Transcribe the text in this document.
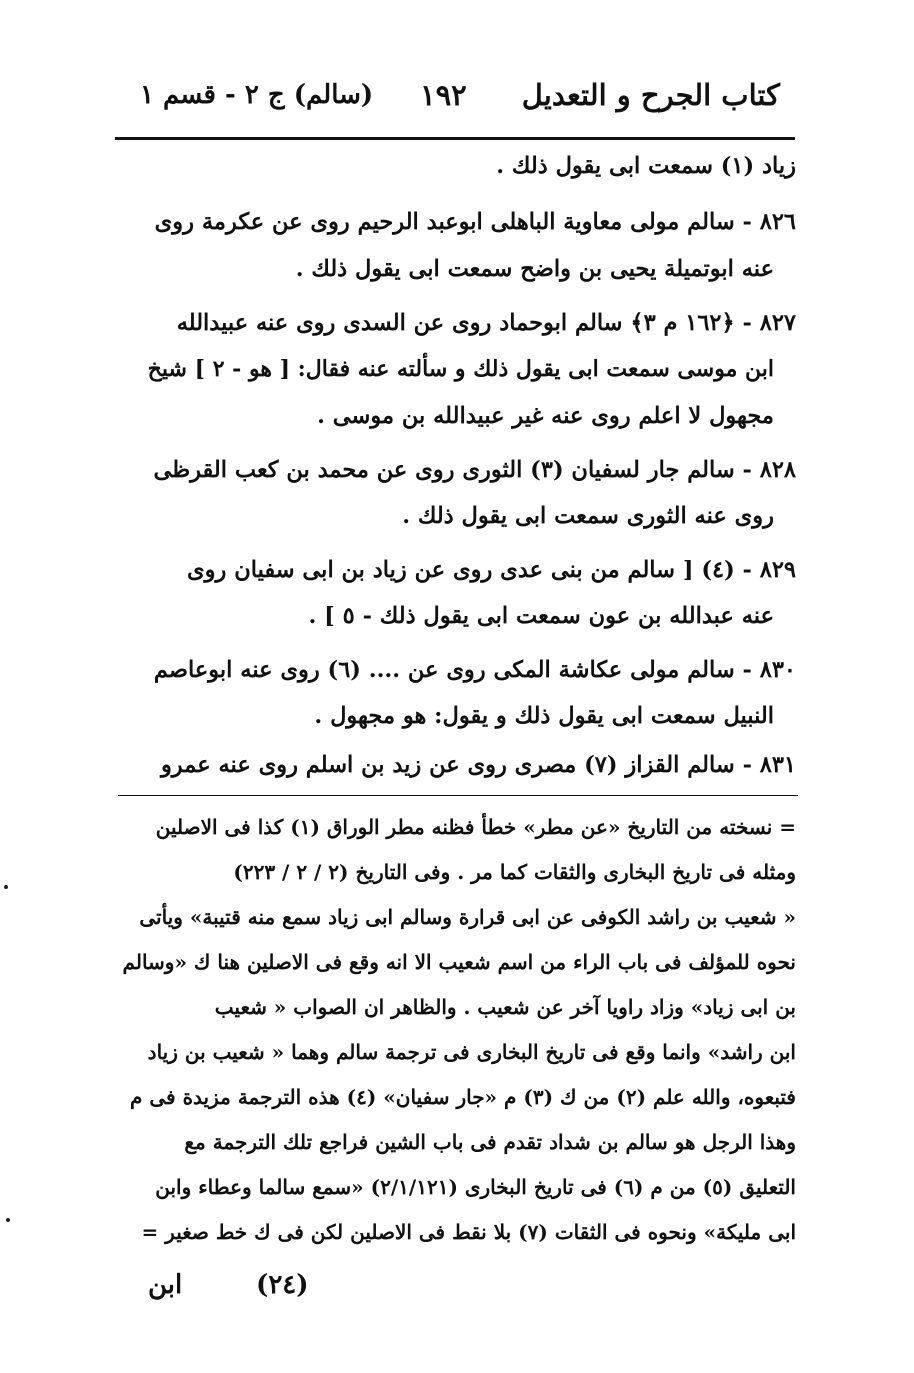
كتاب الجرح و التعديل
١٩٢
(سالم) ج ٢ - قسم ١
زياد (١) سمعت ابى يقول ذلك .
٨٢٦ - سالم مولى معاوية الباهلى ابوعبد الرحيم روى عن عكرمة روى
عنه ابوتميلة يحيى بن واضح سمعت ابى يقول ذلك .
٨٢٧ - ﴿١٦٢ م ٣﴾ سالم ابوحماد روى عن السدى روى عنه عبيدالله
ابن موسى سمعت ابى يقول ذلك و سألته عنه فقال: [ هو - ٢ ] شيخ
مجهول لا اعلم روى عنه غير عبيدالله بن موسى .
٨٢٨ - سالم جار لسفيان (٣) الثورى روى عن محمد بن كعب القرظى
روى عنه الثورى سمعت ابى يقول ذلك .
٨٢٩ - (٤) [ سالم من بنى عدى روى عن زياد بن ابى سفيان روى
عنه عبدالله بن عون سمعت ابى يقول ذلك - ٥ ] .
٨٣٠ - سالم مولى عكاشة المكى روى عن .... (٦) روى عنه ابوعاصم
النبيل سمعت ابى يقول ذلك و يقول: هو مجهول .
٨٣١ - سالم القزاز (٧) مصرى روى عن زيد بن اسلم روى عنه عمرو
= نسخته من التاريخ «عن مطر» خطأ فظنه مطر الوراق (١) كذا فى الاصلين
ومثله فى تاريخ البخارى والثقات كما مر . وفى التاريخ (٢ / ٢ / ٢٢٣)
« شعيب بن راشد الكوفى عن ابى قرارة وسالم ابى زياد سمع منه قتيبة» ويأتى
نحوه للمؤلف فى باب الراء من اسم شعيب الا انه وقع فى الاصلين هنا ك «وسالم
بن ابى زياد» وزاد راويا آخر عن شعيب . والظاهر ان الصواب « شعيب
ابن راشد» وانما وقع فى تاريخ البخارى فى ترجمة سالم وهما « شعيب بن زياد
فتبعوه، والله علم (٢) من ك (٣) م «جار سفيان» (٤) هذه الترجمة مزيدة فى م
وهذا الرجل هو سالم بن شداد تقدم فى باب الشين فراجع تلك الترجمة مع
التعليق (٥) من م (٦) فى تاريخ البخارى (٢/١/١٢١) «سمع سالما وعطاء وابن
ابى مليكة» ونحوه فى الثقات (٧) بلا نقط فى الاصلين لكن فى ك خط صغير =
(٢٤)
ابن
